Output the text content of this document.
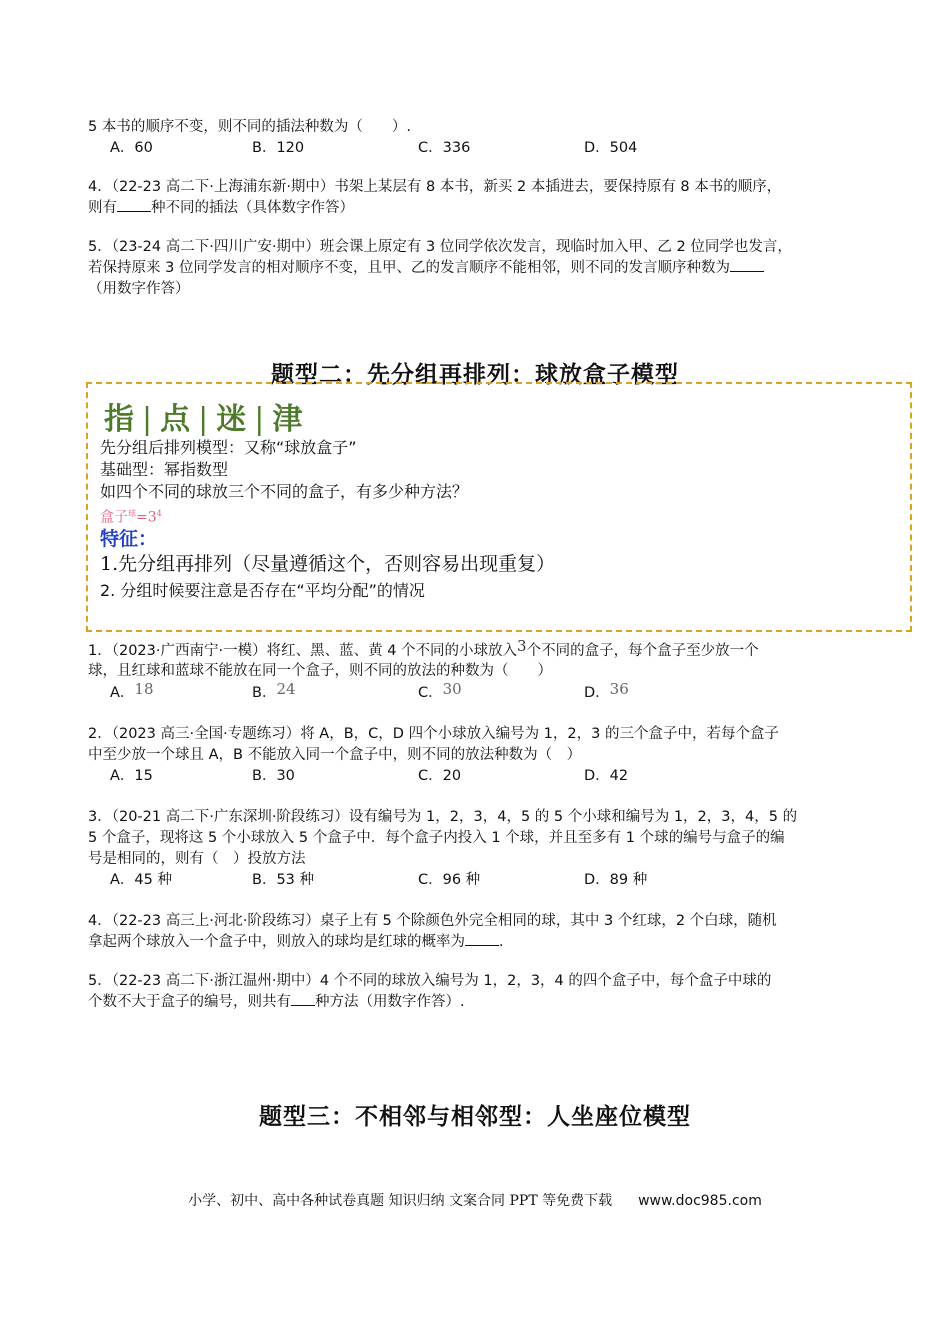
5 本书的顺序不变，则不同的插法种数为（　　）.
A．60	B．120	C．336	D．504
4．（22-23 高二下·上海浦东新·期中）书架上某层有 8 本书，新买 2 本插进去，要保持原有 8 本书的顺序，
则有 种不同的插法（具体数字作答）
5．（23-24 高二下·四川广安·期中）班会课上原定有 3 位同学依次发言，现临时加入甲、乙 2 位同学也发言，
若保持原来 3 位同学发言的相对顺序不变，且甲、乙的发言顺序不能相邻，则不同的发言顺序种数为
（用数字作答）
题型二：先分组再排列：球放盒子模型
指 | 点 | 迷 | 津
先分组后排列模型：又称“球放盒子”
基础型：幂指数型
如四个不同的球放三个不同的盒子，有多少种方法？
盒子$^球=3^4$
特征：
1.先分组再排列（尽量遵循这个，否则容易出现重复）
2. 分组时候要注意是否存在“平均分配”的情况
1．（2023·广西南宁·一模）将红、黑、蓝、黄 4 个不同的小球放入3个不同的盒子，每个盒子至少放一个
球，且红球和蓝球不能放在同一个盒子，则不同的放法的种数为（　　）
A．18	B．24	C．30	D．36
2．（2023 高三·全国·专题练习）将 A，B，C，D 四个小球放入编号为 1，2，3 的三个盒子中，若每个盒子
中至少放一个球且 A，B 不能放入同一个盒子中，则不同的放法种数为（　）
A．15	B．30	C．20	D．42
3．（20-21 高二下·广东深圳·阶段练习）设有编号为 1，2，3，4，5 的 5 个小球和编号为 1，2，3，4，5 的
5 个盒子，现将这 5 个小球放入 5 个盒子中．每个盒子内投入 1 个球，并且至多有 1 个球的编号与盒子的编
号是相同的，则有（　）投放方法
A．45 种	B．53 种	C．96 种	D．89 种
4．（22-23 高三上·河北·阶段练习）桌子上有 5 个除颜色外完全相同的球，其中 3 个红球，2 个白球，随机
拿起两个球放入一个盒子中，则放入的球均是红球的概率为 .
5．（22-23 高二下·浙江温州·期中）4 个不同的球放入编号为 1，2，3，4 的四个盒子中，每个盒子中球的
个数不大于盒子的编号，则共有 种方法（用数字作答）.
题型三：不相邻与相邻型：人坐座位模型
小学、初中、高中各种试卷真题 知识归纳 文案合同 PPT 等免费下载 www.doc985.com
